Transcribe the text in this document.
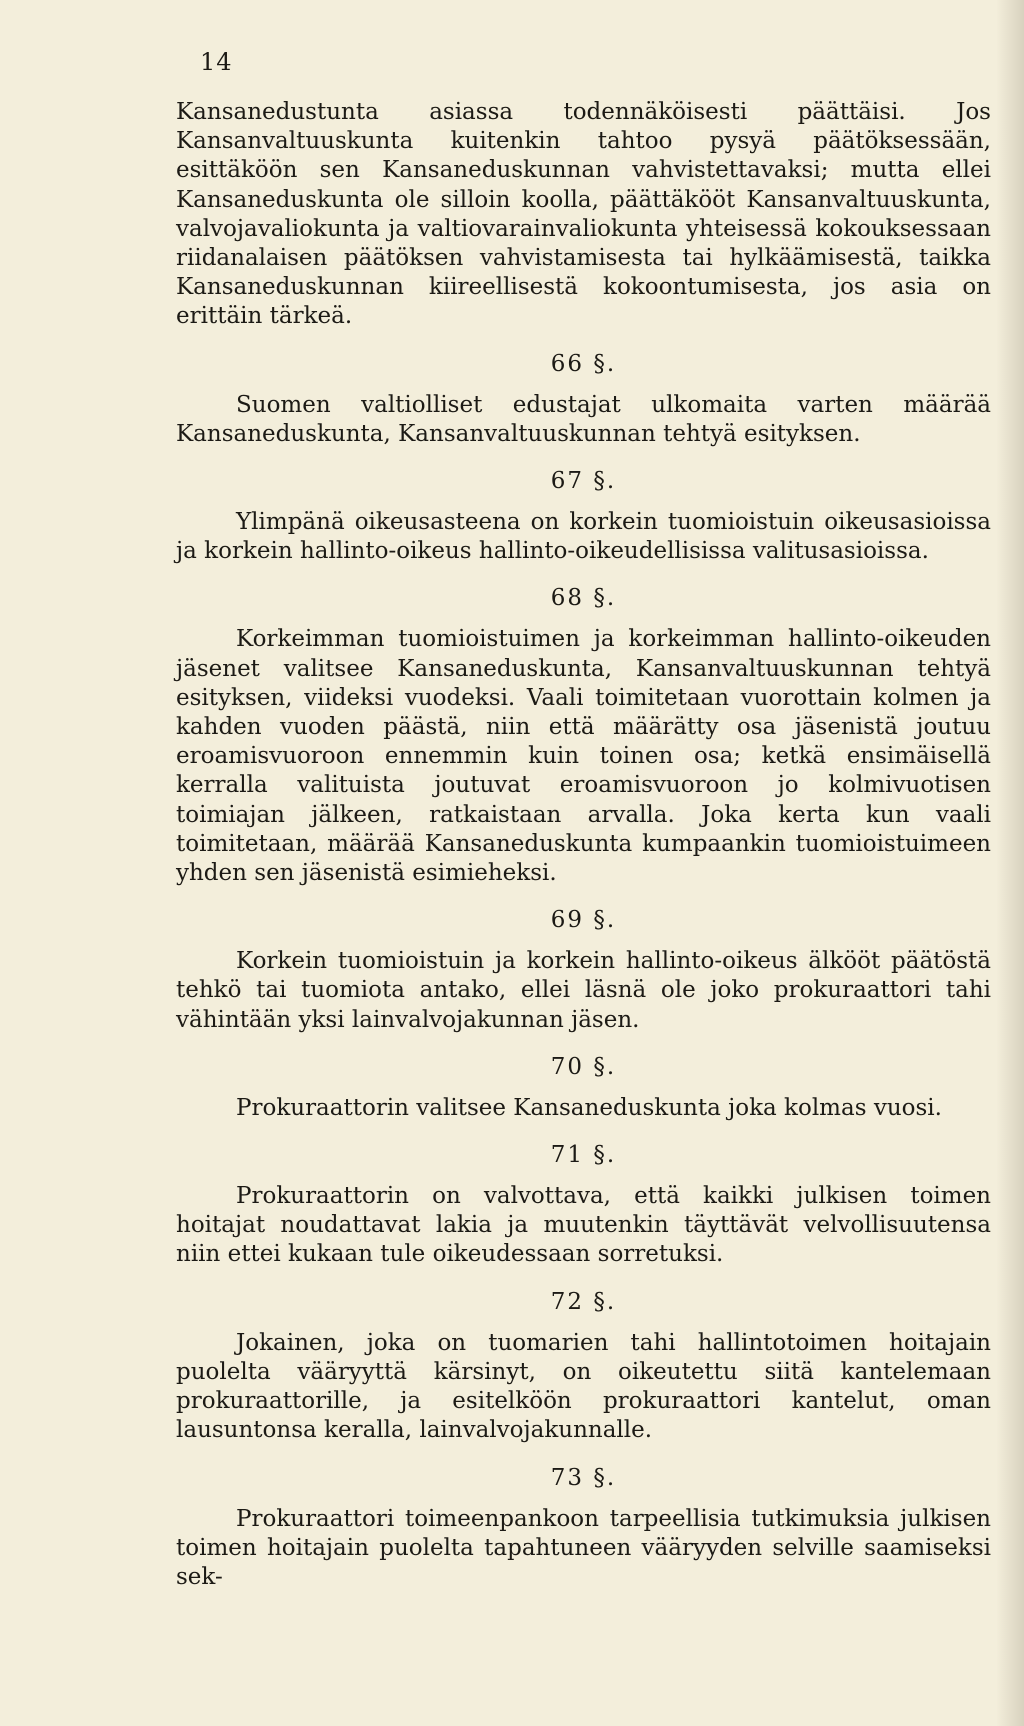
14

Kansanedustunta asiassa todennäköisesti päättäisi. Jos Kansanvaltuuskunta kuitenkin tahtoo pysyä päätöksessään, esittäköön sen Kansaneduskunnan vahvistettavaksi; mutta ellei Kansaneduskunta ole silloin koolla, päättäkööt Kansanvaltuuskunta, valvojavaliokunta ja valtiovarainvaliokunta yhteisessä kokouksessaan riidanalaisen päätöksen vahvistamisesta tai hylkäämisestä, taikka Kansaneduskunnan kiireellisestä kokoontumisesta, jos asia on erittäin tärkeä.

66 §.

Suomen valtiolliset edustajat ulkomaita varten määrää Kansaneduskunta, Kansanvaltuuskunnan tehtyä esityksen.

67 §.

Ylimpänä oikeusasteena on korkein tuomioistuin oikeusasioissa ja korkein hallinto-oikeus hallinto-oikeudellisissa valitusasioissa.

68 §.

Korkeimman tuomioistuimen ja korkeimman hallinto-oikeuden jäsenet valitsee Kansaneduskunta, Kansanvaltuuskunnan tehtyä esityksen, viideksi vuodeksi. Vaali toimitetaan vuorottain kolmen ja kahden vuoden päästä, niin että määrätty osa jäsenistä joutuu eroamisvuoroon ennemmin kuin toinen osa; ketkä ensimäisellä kerralla valituista joutuvat eroamisvuoroon jo kolmivuotisen toimiajan jälkeen, ratkaistaan arvalla. Joka kerta kun vaali toimitetaan, määrää Kansaneduskunta kumpaankin tuomioistuimeen yhden sen jäsenistä esimieheksi.

69 §.

Korkein tuomioistuin ja korkein hallinto-oikeus älkööt päätöstä tehkö tai tuomiota antako, ellei läsnä ole joko prokuraattori tahi vähintään yksi lainvalvojakunnan jäsen.

70 §.

Prokuraattorin valitsee Kansaneduskunta joka kolmas vuosi.

71 §.

Prokuraattorin on valvottava, että kaikki julkisen toimen hoitajat noudattavat lakia ja muutenkin täyttävät velvollisuutensa niin ettei kukaan tule oikeudessaan sorretuksi.

72 §.

Jokainen, joka on tuomarien tahi hallintotoimen hoitajain puolelta vääryyttä kärsinyt, on oikeutettu siitä kantelemaan prokuraattorille, ja esitelköön prokuraattori kantelut, oman lausuntonsa keralla, lainvalvojakunnalle.

73 §.

Prokuraattori toimeenpankoon tarpeellisia tutkimuksia julkisen toimen hoitajain puolelta tapahtuneen vääryyden selville saamiseksi sek-
